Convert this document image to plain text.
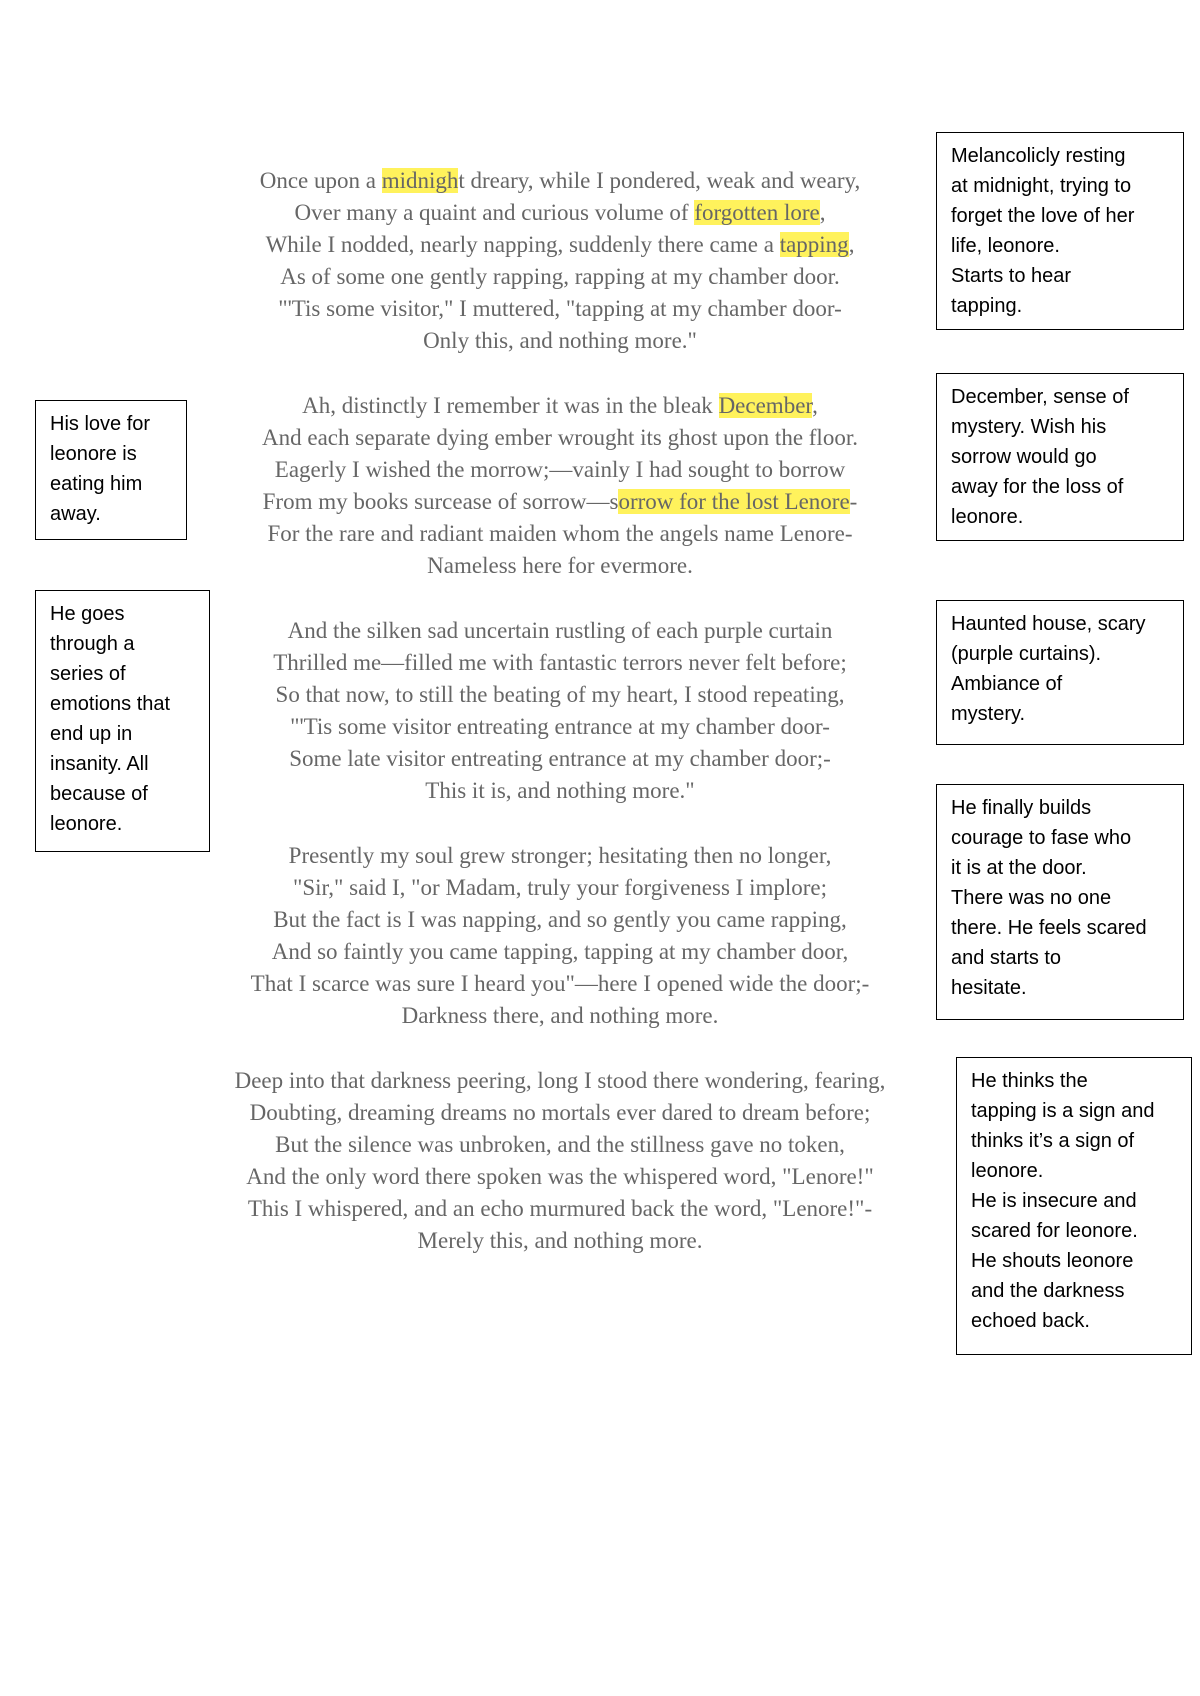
Once upon a midnight dreary, while I pondered, weak and weary,
Over many a quaint and curious volume of forgotten lore,
While I nodded, nearly napping, suddenly there came a tapping,
As of some one gently rapping, rapping at my chamber door.
"'Tis some visitor," I muttered, "tapping at my chamber door-
Only this, and nothing more."
Ah, distinctly I remember it was in the bleak December,
And each separate dying ember wrought its ghost upon the floor.
Eagerly I wished the morrow;—vainly I had sought to borrow
From my books surcease of sorrow—sorrow for the lost Lenore-
For the rare and radiant maiden whom the angels name Lenore-
Nameless here for evermore.
And the silken sad uncertain rustling of each purple curtain
Thrilled me—filled me with fantastic terrors never felt before;
So that now, to still the beating of my heart, I stood repeating,
"'Tis some visitor entreating entrance at my chamber door-
Some late visitor entreating entrance at my chamber door;-
This it is, and nothing more."
Presently my soul grew stronger; hesitating then no longer,
"Sir," said I, "or Madam, truly your forgiveness I implore;
But the fact is I was napping, and so gently you came rapping,
And so faintly you came tapping, tapping at my chamber door,
That I scarce was sure I heard you"—here I opened wide the door;-
Darkness there, and nothing more.
Deep into that darkness peering, long I stood there wondering, fearing,
Doubting, dreaming dreams no mortals ever dared to dream before;
But the silence was unbroken, and the stillness gave no token,
And the only word there spoken was the whispered word, "Lenore!"
This I whispered, and an echo murmured back the word, "Lenore!"-
Merely this, and nothing more.
Melancolicly resting
at midnight, trying to
forget the love of her
life, leonore.
Starts to hear
tapping.
December, sense of
mystery. Wish his
sorrow would go
away for the loss of
leonore.
Haunted house, scary
(purple curtains).
Ambiance of
mystery.
He finally builds
courage to fase who
it is at the door.
There was no one
there. He feels scared
and starts to
hesitate.
He thinks the
tapping is a sign and
thinks it’s a sign of
leonore.
He is insecure and
scared for leonore.
He shouts leonore
and the darkness
echoed back.
His love for
leonore is
eating him
away.
He goes
through a
series of
emotions that
end up in
insanity. All
because of
leonore.
